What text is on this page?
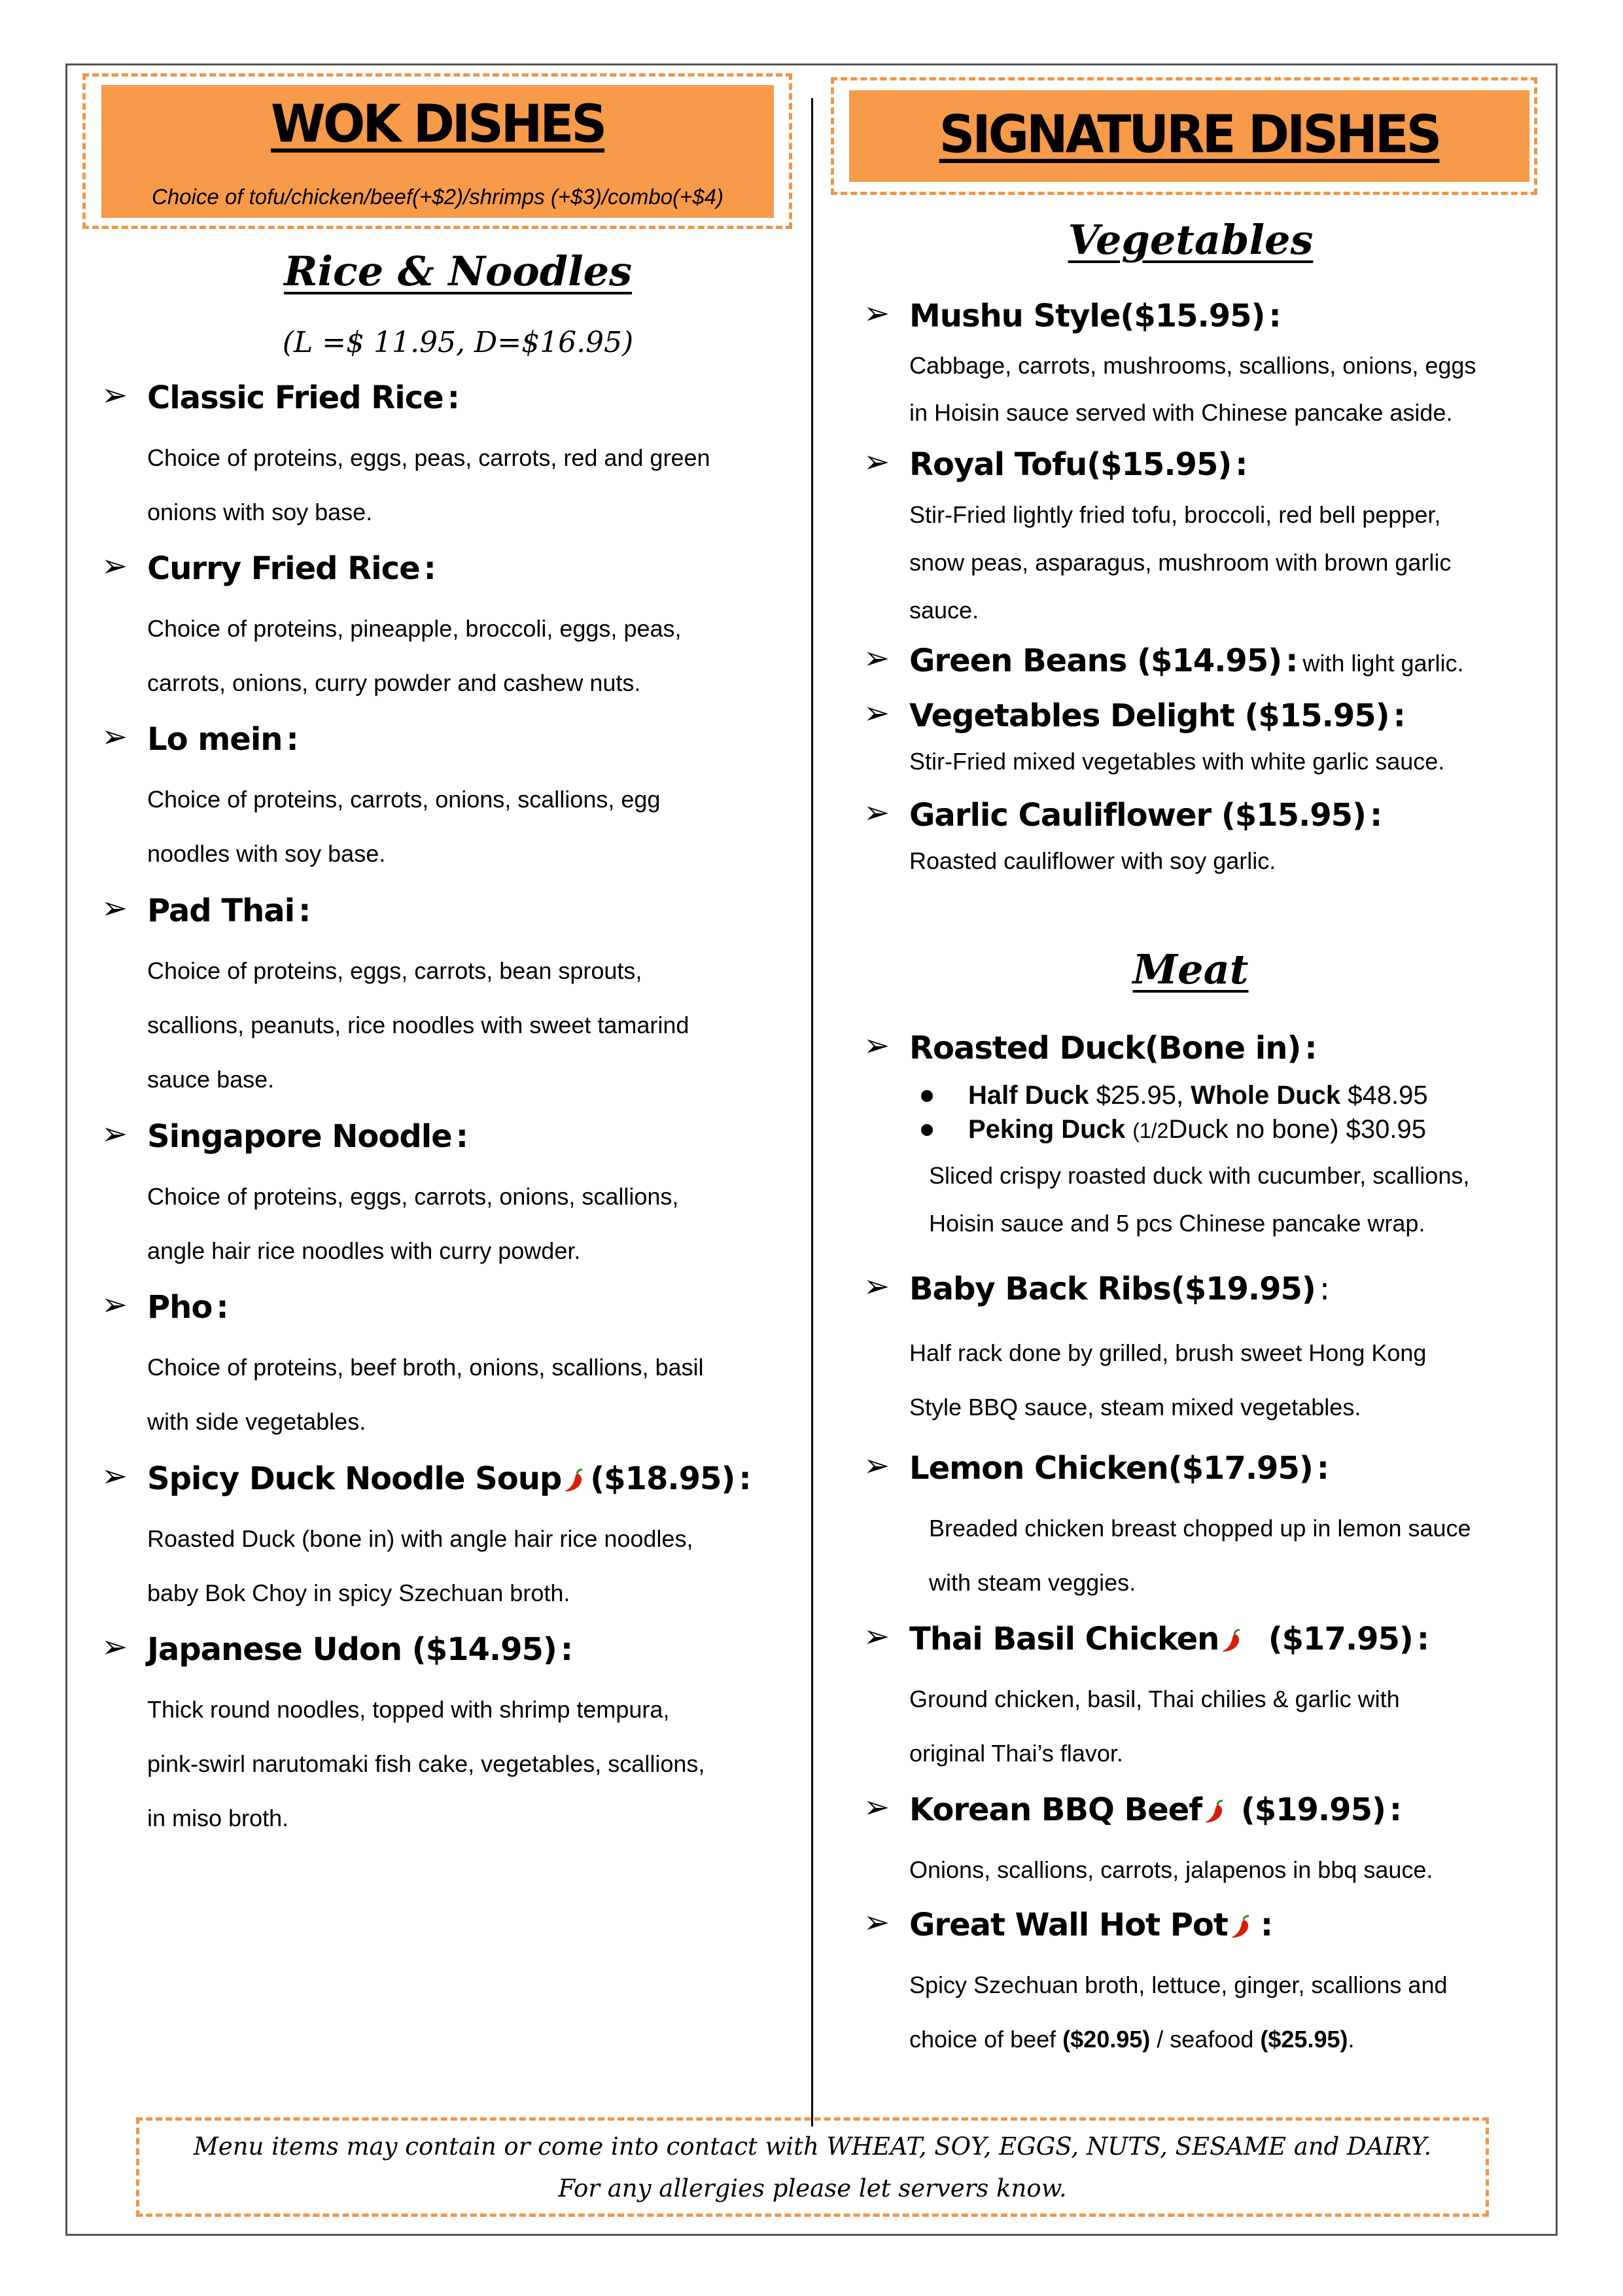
WOK DISHES
Choice of tofu/chicken/beef(+$2)/shrimps (+$3)/combo(+$4)
SIGNATURE DISHES
Rice & Noodles
(L =$ 11.95, D=$16.95)
➢ Classic Fried Rice :
Choice of proteins, eggs, peas, carrots, red and green
onions with soy base.
➢ Curry Fried Rice :
Choice of proteins, pineapple, broccoli, eggs, peas,
carrots, onions, curry powder and cashew nuts.
➢ Lo mein :
Choice of proteins, carrots, onions, scallions, egg
noodles with soy base.
➢ Pad Thai :
Choice of proteins, eggs, carrots, bean sprouts,
scallions, peanuts, rice noodles with sweet tamarind
sauce base.
➢ Singapore Noodle :
Choice of proteins, eggs, carrots, onions, scallions,
angle hair rice noodles with curry powder.
➢ Pho :
Choice of proteins, beef broth, onions, scallions, basil
with side vegetables.
➢ Spicy Duck Noodle Soup ($18.95) :
Roasted Duck (bone in) with angle hair rice noodles,
baby Bok Choy in spicy Szechuan broth.
➢ Japanese Udon ($14.95) :
Thick round noodles, topped with shrimp tempura,
pink-swirl narutomaki fish cake, vegetables, scallions,
in miso broth.
Vegetables
➢ Mushu Style($15.95) :
Cabbage, carrots, mushrooms, scallions, onions, eggs
in Hoisin sauce served with Chinese pancake aside.
➢ Royal Tofu($15.95) :
Stir-Fried lightly fried tofu, broccoli, red bell pepper,
snow peas, asparagus, mushroom with brown garlic
sauce.
➢ Green Beans ($14.95) : with light garlic.
➢ Vegetables Delight ($15.95) :
Stir-Fried mixed vegetables with white garlic sauce.
➢ Garlic Cauliflower ($15.95) :
Roasted cauliflower with soy garlic.
Meat
➢ Roasted Duck(Bone in) :
Half Duck $25.95, Whole Duck $48.95
Peking Duck (1/2Duck no bone) $30.95
Sliced crispy roasted duck with cucumber, scallions,
Hoisin sauce and 5 pcs Chinese pancake wrap.
➢ Baby Back Ribs($19.95) :
Half rack done by grilled, brush sweet Hong Kong
Style BBQ sauce, steam mixed vegetables.
➢ Lemon Chicken($17.95) :
Breaded chicken breast chopped up in lemon sauce
with steam veggies.
➢ Thai Basil Chicken ($17.95) :
Ground chicken, basil, Thai chilies & garlic with
original Thai’s flavor.
➢ Korean BBQ Beef ($19.95) :
Onions, scallions, carrots, jalapenos in bbq sauce.
➢ Great Wall Hot Pot :
Spicy Szechuan broth, lettuce, ginger, scallions and
choice of beef ($20.95) / seafood ($25.95).
Menu items may contain or come into contact with WHEAT, SOY, EGGS, NUTS, SESAME and DAIRY.
For any allergies please let servers know.
